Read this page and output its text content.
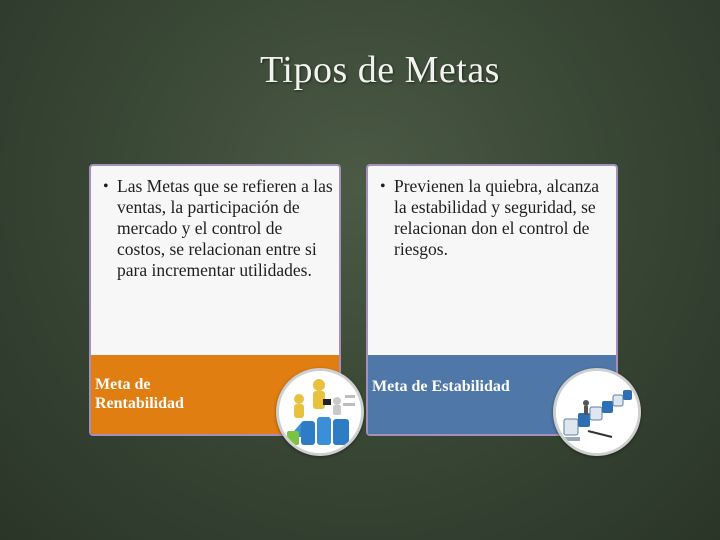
Tipos de Metas
• Las Metas que se refieren a las ventas, la participación de mercado y el control de costos, se relacionan entre si para incrementar utilidades.
Meta de
Rentabilidad
• Previenen la quiebra, alcanza la estabilidad y seguridad, se relacionan don el control de riesgos.
Meta de Estabilidad
